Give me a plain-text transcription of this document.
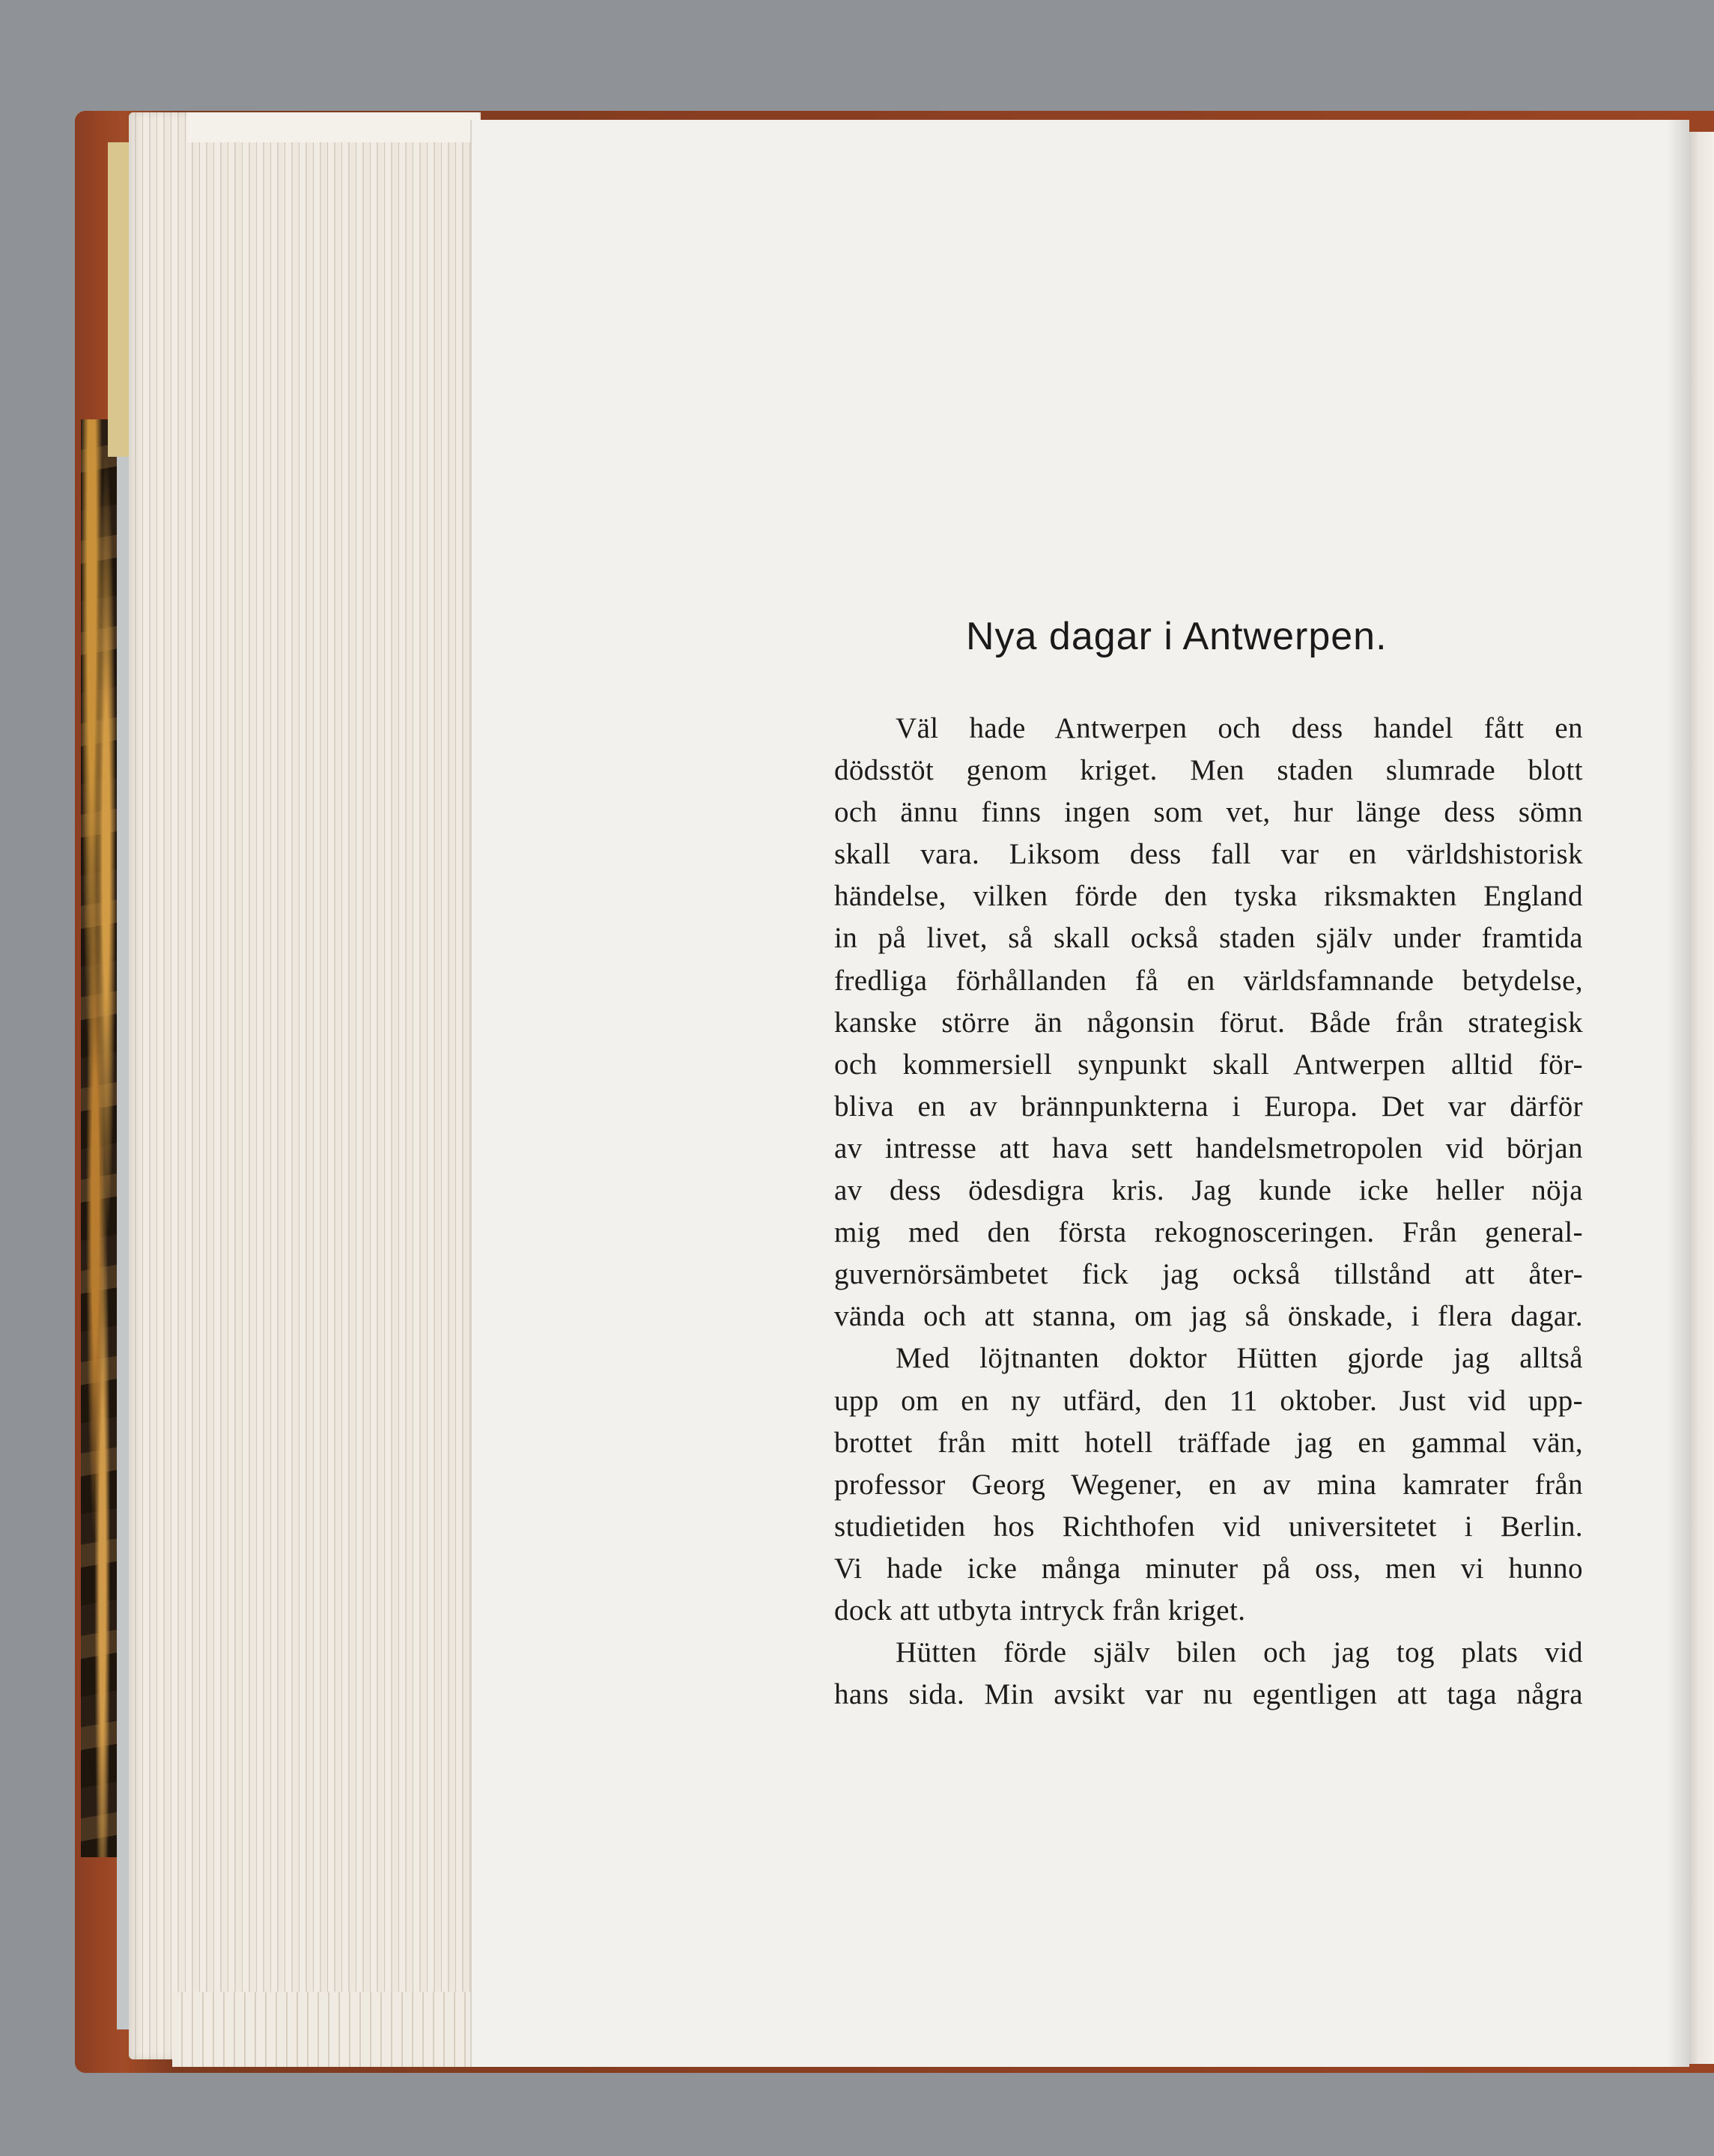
Nya dagar i Antwerpen.
Väl hade Antwerpen och dess handel fått en
dödsstöt genom kriget. Men staden slumrade blott
och ännu finns ingen som vet, hur länge dess sömn
skall vara. Liksom dess fall var en världshistorisk
händelse, vilken förde den tyska riksmakten England
in på livet, så skall också staden själv under framtida
fredliga förhållanden få en världsfamnande betydelse,
kanske större än någonsin förut. Både från strategisk
och kommersiell synpunkt skall Antwerpen alltid för-
bliva en av brännpunkterna i Europa. Det var därför
av intresse att hava sett handelsmetropolen vid början
av dess ödesdigra kris. Jag kunde icke heller nöja
mig med den första rekognosceringen. Från general-
guvernörsämbetet fick jag också tillstånd att åter-
vända och att stanna, om jag så önskade, i flera dagar.
Med löjtnanten doktor Hütten gjorde jag alltså
upp om en ny utfärd, den 11 oktober. Just vid upp-
brottet från mitt hotell träffade jag en gammal vän,
professor Georg Wegener, en av mina kamrater från
studietiden hos Richthofen vid universitetet i Berlin.
Vi hade icke många minuter på oss, men vi hunno
dock att utbyta intryck från kriget.
Hütten förde själv bilen och jag tog plats vid
hans sida. Min avsikt var nu egentligen att taga några
